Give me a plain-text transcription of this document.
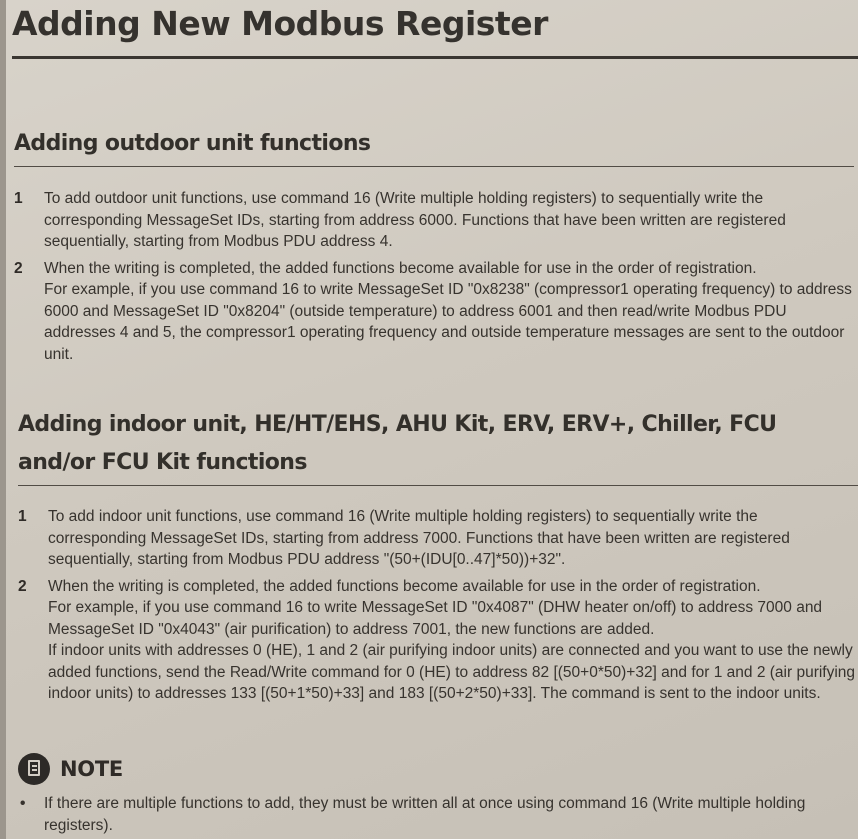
Adding New Modbus Register
Adding outdoor unit functions
1 To add outdoor unit functions, use command 16 (Write multiple holding registers) to sequentially write the corresponding MessageSet IDs, starting from address 6000. Functions that have been written are registered sequentially, starting from Modbus PDU address 4.
2 When the writing is completed, the added functions become available for use in the order of registration.
For example, if you use command 16 to write MessageSet ID "0x8238" (compressor1 operating frequency) to address 6000 and MessageSet ID "0x8204" (outside temperature) to address 6001 and then read/write Modbus PDU addresses 4 and 5, the compressor1 operating frequency and outside temperature messages are sent to the outdoor unit.
Adding indoor unit, HE/HT/EHS, AHU Kit, ERV, ERV+, Chiller, FCU and/or FCU Kit functions
1 To add indoor unit functions, use command 16 (Write multiple holding registers) to sequentially write the corresponding MessageSet IDs, starting from address 7000. Functions that have been written are registered sequentially, starting from Modbus PDU address "(50+(IDU[0..47]*50))+32".
2 When the writing is completed, the added functions become available for use in the order of registration.
For example, if you use command 16 to write MessageSet ID "0x4087" (DHW heater on/off) to address 7000 and MessageSet ID "0x4043" (air purification) to address 7001, the new functions are added.
If indoor units with addresses 0 (HE), 1 and 2 (air purifying indoor units) are connected and you want to use the newly added functions, send the Read/Write command for 0 (HE) to address 82 [(50+0*50)+32] and for 1 and 2 (air purifying indoor units) to addresses 133 [(50+1*50)+33] and 183 [(50+2*50)+33]. The command is sent to the indoor units.
NOTE
• If there are multiple functions to add, they must be written all at once using command 16 (Write multiple holding registers).
